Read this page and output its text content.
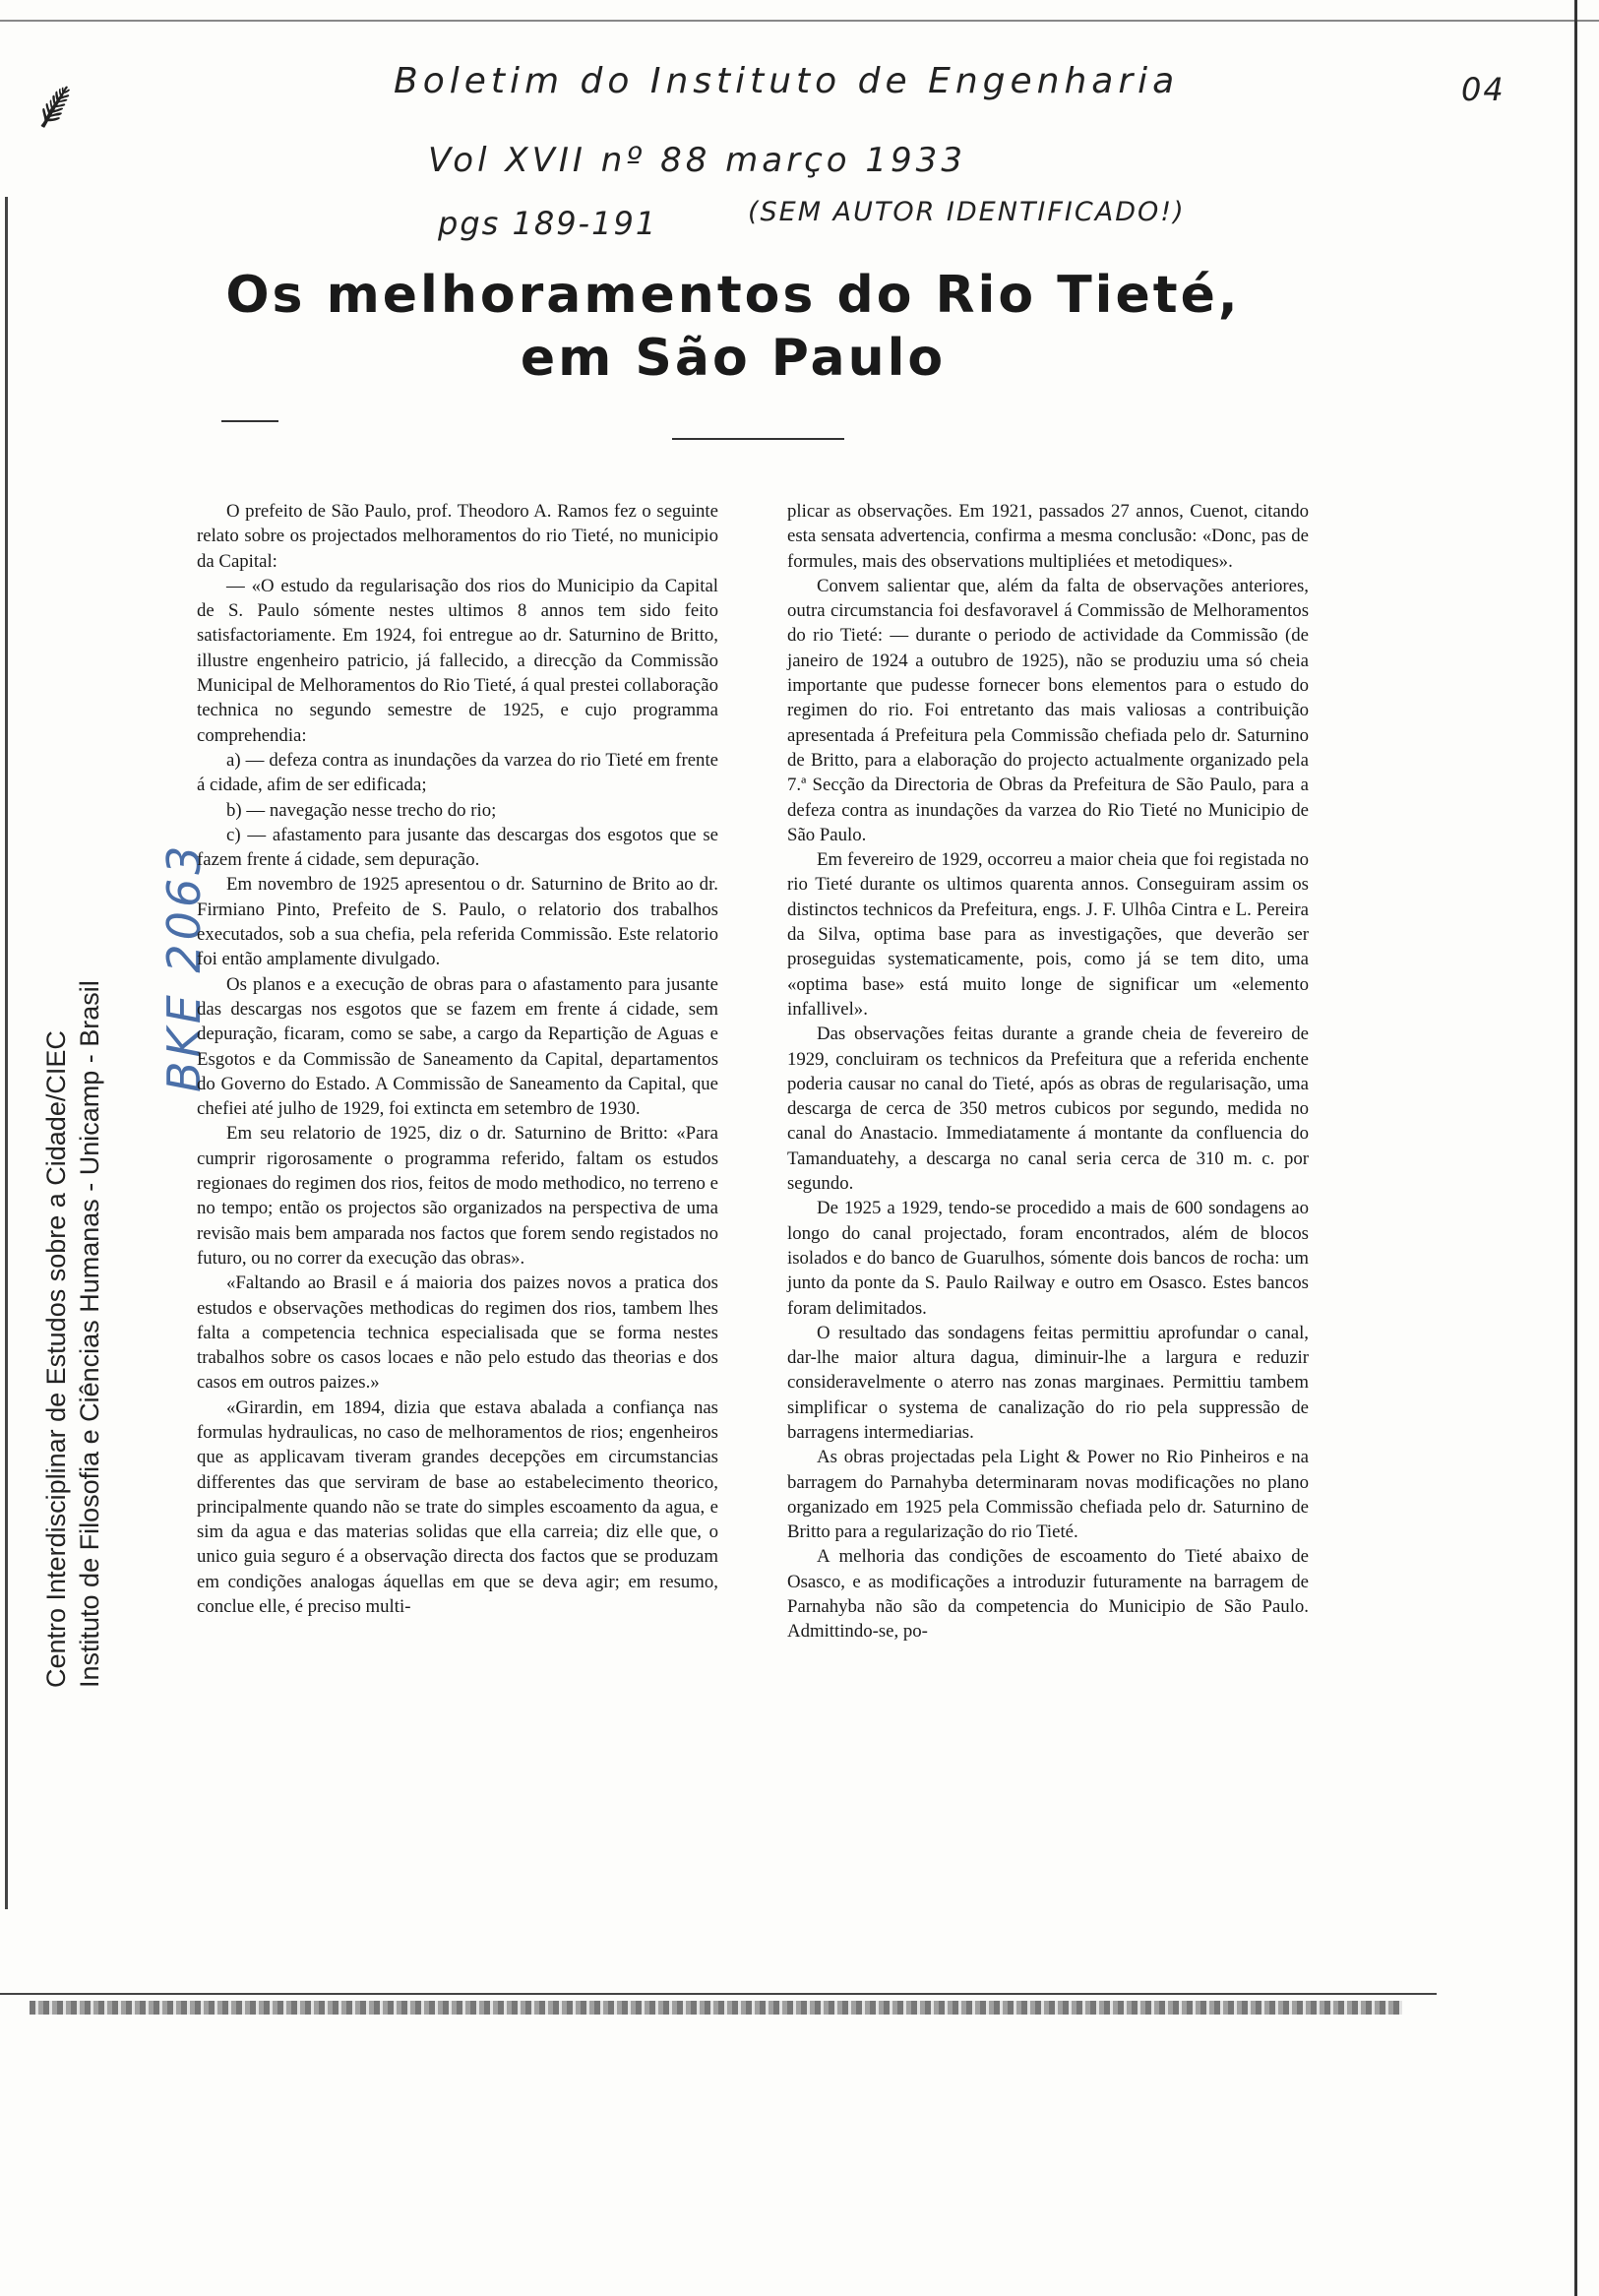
⸙	Boletim do Instituto de Engenharia
Vol XVII nº 88 março 1933
pgs 189-191	(SEM AUTOR IDENTIFICADO!)
04
Os melhoramentos do Rio Tieté,
em São Paulo
Centro Interdisciplinar de Estudos sobre a Cidade/CIEC Instituto de Filosofia e Ciências Humanas - Unicamp - Brasil
BKE 2063

O prefeito de São Paulo, prof. Theodoro A. Ramos fez o seguinte relato sobre os projectados melhoramentos do rio Tieté, no municipio da Capital:

— «O estudo da regularisação dos rios do Municipio da Capital de S. Paulo sómente nestes ultimos 8 annos tem sido feito satisfactoriamente. Em 1924, foi entregue ao dr. Saturnino de Britto, illustre engenheiro patricio, já fallecido, a direcção da Commissão Municipal de Melhoramentos do Rio Tieté, á qual prestei collaboração technica no segundo semestre de 1925, e cujo programma comprehendia:

a) — defeza contra as inundações da varzea do rio Tieté em frente á cidade, afim de ser edificada;

b) — navegação nesse trecho do rio;

c) — afastamento para jusante das descargas dos esgotos que se fazem frente á cidade, sem depuração.

Em novembro de 1925 apresentou o dr. Saturnino de Brito ao dr. Firmiano Pinto, Prefeito de S. Paulo, o relatorio dos trabalhos executados, sob a sua chefia, pela referida Commissão. Este relatorio foi então amplamente divulgado.

Os planos e a execução de obras para o afastamento para jusante das descargas nos esgotos que se fazem em frente á cidade, sem depuração, ficaram, como se sabe, a cargo da Repartição de Aguas e Esgotos e da Commissão de Saneamento da Capital, departamentos do Governo do Estado. A Commissão de Saneamento da Capital, que chefiei até julho de 1929, foi extincta em setembro de 1930.

Em seu relatorio de 1925, diz o dr. Saturnino de Britto: «Para cumprir rigorosamente o programma referido, faltam os estudos regionaes do regimen dos rios, feitos de modo methodico, no terreno e no tempo; então os projectos são organizados na perspectiva de uma revisão mais bem amparada nos factos que forem sendo registados no futuro, ou no correr da execução das obras».

«Faltando ao Brasil e á maioria dos paizes novos a pratica dos estudos e observações methodicas do regimen dos rios, tambem lhes falta a competencia technica especialisada que se forma nestes trabalhos sobre os casos locaes e não pelo estudo das theorias e dos casos em outros paizes.»

«Girardin, em 1894, dizia que estava abalada a confiança nas formulas hydraulicas, no caso de melhoramentos de rios; engenheiros que as applicavam tiveram grandes decepções em circumstancias differentes das que serviram de base ao estabelecimento theorico, principalmente quando não se trate do simples escoamento da agua, e sim da agua e das materias solidas que ella carreia; diz elle que, o unico guia seguro é a observação directa dos factos que se produzam em condições analogas áquellas em que se deva agir; em resumo, conclue elle, é preciso multi-

plicar as observações. Em 1921, passados 27 annos, Cuenot, citando esta sensata advertencia, confirma a mesma conclusão: «Donc, pas de formules, mais des observations multipliées et metodiques».

Convem salientar que, além da falta de observações anteriores, outra circumstancia foi desfavoravel á Commissão de Melhoramentos do rio Tieté: — durante o periodo de actividade da Commissão (de janeiro de 1924 a outubro de 1925), não se produziu uma só cheia importante que pudesse fornecer bons elementos para o estudo do regimen do rio. Foi entretanto das mais valiosas a contribuição apresentada á Prefeitura pela Commissão chefiada pelo dr. Saturnino de Britto, para a elaboração do projecto actualmente organizado pela 7.ª Secção da Directoria de Obras da Prefeitura de São Paulo, para a defeza contra as inundações da varzea do Rio Tieté no Municipio de São Paulo.

Em fevereiro de 1929, occorreu a maior cheia que foi registada no rio Tieté durante os ultimos quarenta annos. Conseguiram assim os distinctos technicos da Prefeitura, engs. J. F. Ulhôa Cintra e L. Pereira da Silva, optima base para as investigações, que deverão ser proseguidas systematicamente, pois, como já se tem dito, uma «optima base» está muito longe de significar um «elemento infallivel».

Das observações feitas durante a grande cheia de fevereiro de 1929, concluiram os technicos da Prefeitura que a referida enchente poderia causar no canal do Tieté, após as obras de regularisação, uma descarga de cerca de 350 metros cubicos por segundo, medida no canal do Anastacio. Immediatamente á montante da confluencia do Tamanduatehy, a descarga no canal seria cerca de 310 m. c. por segundo.

De 1925 a 1929, tendo-se procedido a mais de 600 sondagens ao longo do canal projectado, foram encontrados, além de blocos isolados e do banco de Guarulhos, sómente dois bancos de rocha: um junto da ponte da S. Paulo Railway e outro em Osasco. Estes bancos foram delimitados.

O resultado das sondagens feitas permittiu aprofundar o canal, dar-lhe maior altura dagua, diminuir-lhe a largura e reduzir consideravelmente o aterro nas zonas marginaes. Permittiu tambem simplificar o systema de canalização do rio pela suppressão de barragens intermediarias.

As obras projectadas pela Light & Power no Rio Pinheiros e na barragem do Parnahyba determinaram novas modificações no plano organizado em 1925 pela Commissão chefiada pelo dr. Saturnino de Britto para a regularização do rio Tieté.

A melhoria das condições de escoamento do Tieté abaixo de Osasco, e as modificações a introduzir futuramente na barragem de Parnahyba não são da competencia do Municipio de São Paulo. Admittindo-se, po-
